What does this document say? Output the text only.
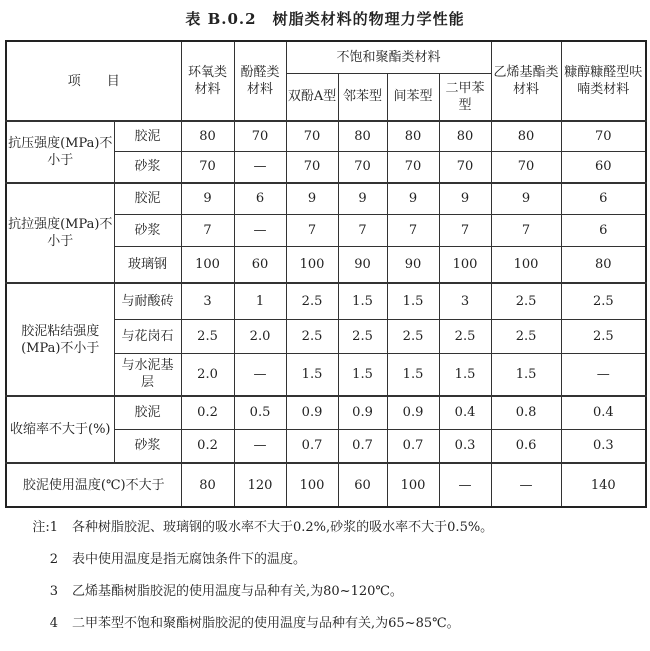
表 B.0.2　树脂类材料的物理力学性能
项　　目		环氧类材料	酚醛类材料	不饱和聚酯类材料				乙烯基酯类材料	糠醇糠醛型呋喃类材料
				双酚A型	邻苯型	间苯型	二甲苯型		
抗压强度(MPa)不小于	胶泥	80	70	70	80	80	80	80	70
	砂浆	70	—	70	70	70	70	70	60
抗拉强度(MPa)不小于	胶泥	9	6	9	9	9	9	9	6
	砂浆	7	—	7	7	7	7	7	6
	玻璃钢	100	60	100	90	90	100	100	80
胶泥粘结强度(MPa)不小于	与耐酸砖	3	1	2.5	1.5	1.5	3	2.5	2.5
	与花岗石	2.5	2.0	2.5	2.5	2.5	2.5	2.5	2.5
	与水泥基层	2.0	—	1.5	1.5	1.5	1.5	1.5	—
收缩率不大于(%)	胶泥	0.2	0.5	0.9	0.9	0.9	0.4	0.8	0.4
	砂浆	0.2	—	0.7	0.7	0.7	0.3	0.6	0.3
胶泥使用温度(℃)不大于		80	120	100	60	100	—	—	140
注:1 各种树脂胶泥、玻璃钢的吸水率不大于0.2%,砂浆的吸水率不大于0.5%。
2 表中使用温度是指无腐蚀条件下的温度。
3 乙烯基酯树脂胶泥的使用温度与品种有关,为80~120℃。
4 二甲苯型不饱和聚酯树脂胶泥的使用温度与品种有关,为65~85℃。
